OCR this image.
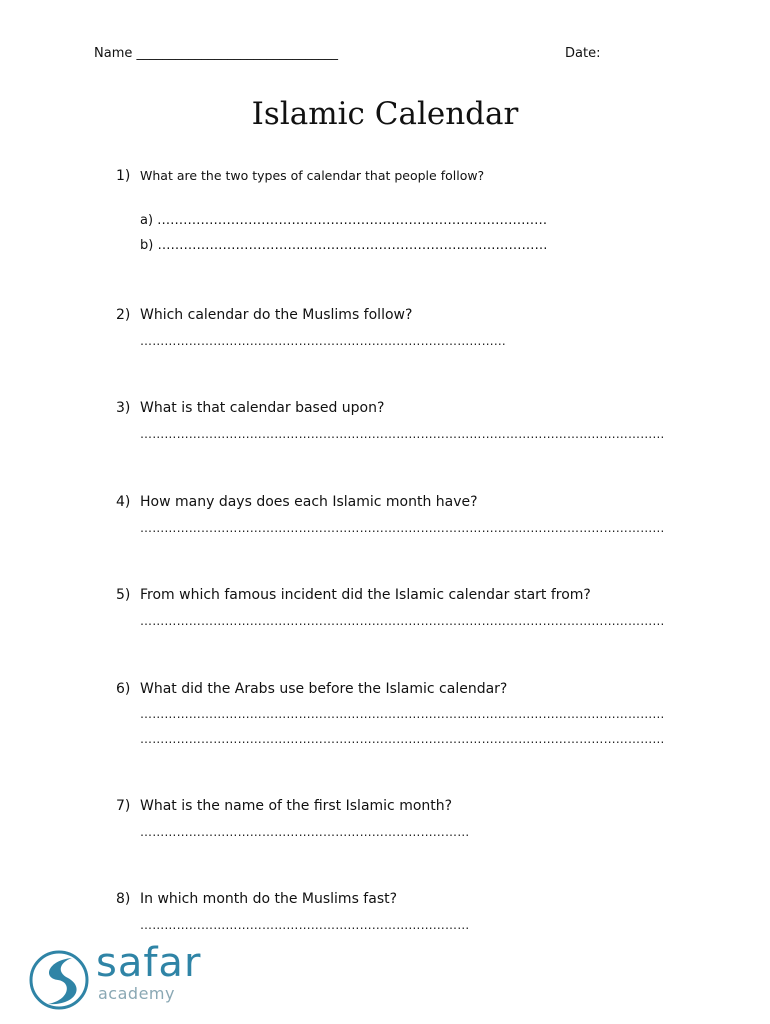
Name _______________________________	Date:
Islamic Calendar
1) What are the two types of calendar that people follow?
a) ………………………………………………………………………………
b) ………………………………………………………………………………
2) Which calendar do the Muslims follow?
………………………………………………………………………………
3) What is that calendar based upon?
…………………………………………………………………………………………………………………
4) How many days does each Islamic month have?
…………………………………………………………………………………………………………………
5) From which famous incident did the Islamic calendar start from?
…………………………………………………………………………………………………………………
6) What did the Arabs use before the Islamic calendar?
…………………………………………………………………………………………………………………
…………………………………………………………………………………………………………………
7) What is the name of the first Islamic month?
………………………………………………………………………
8) In which month do the Muslims fast?
………………………………………………………………………
safar
academy
